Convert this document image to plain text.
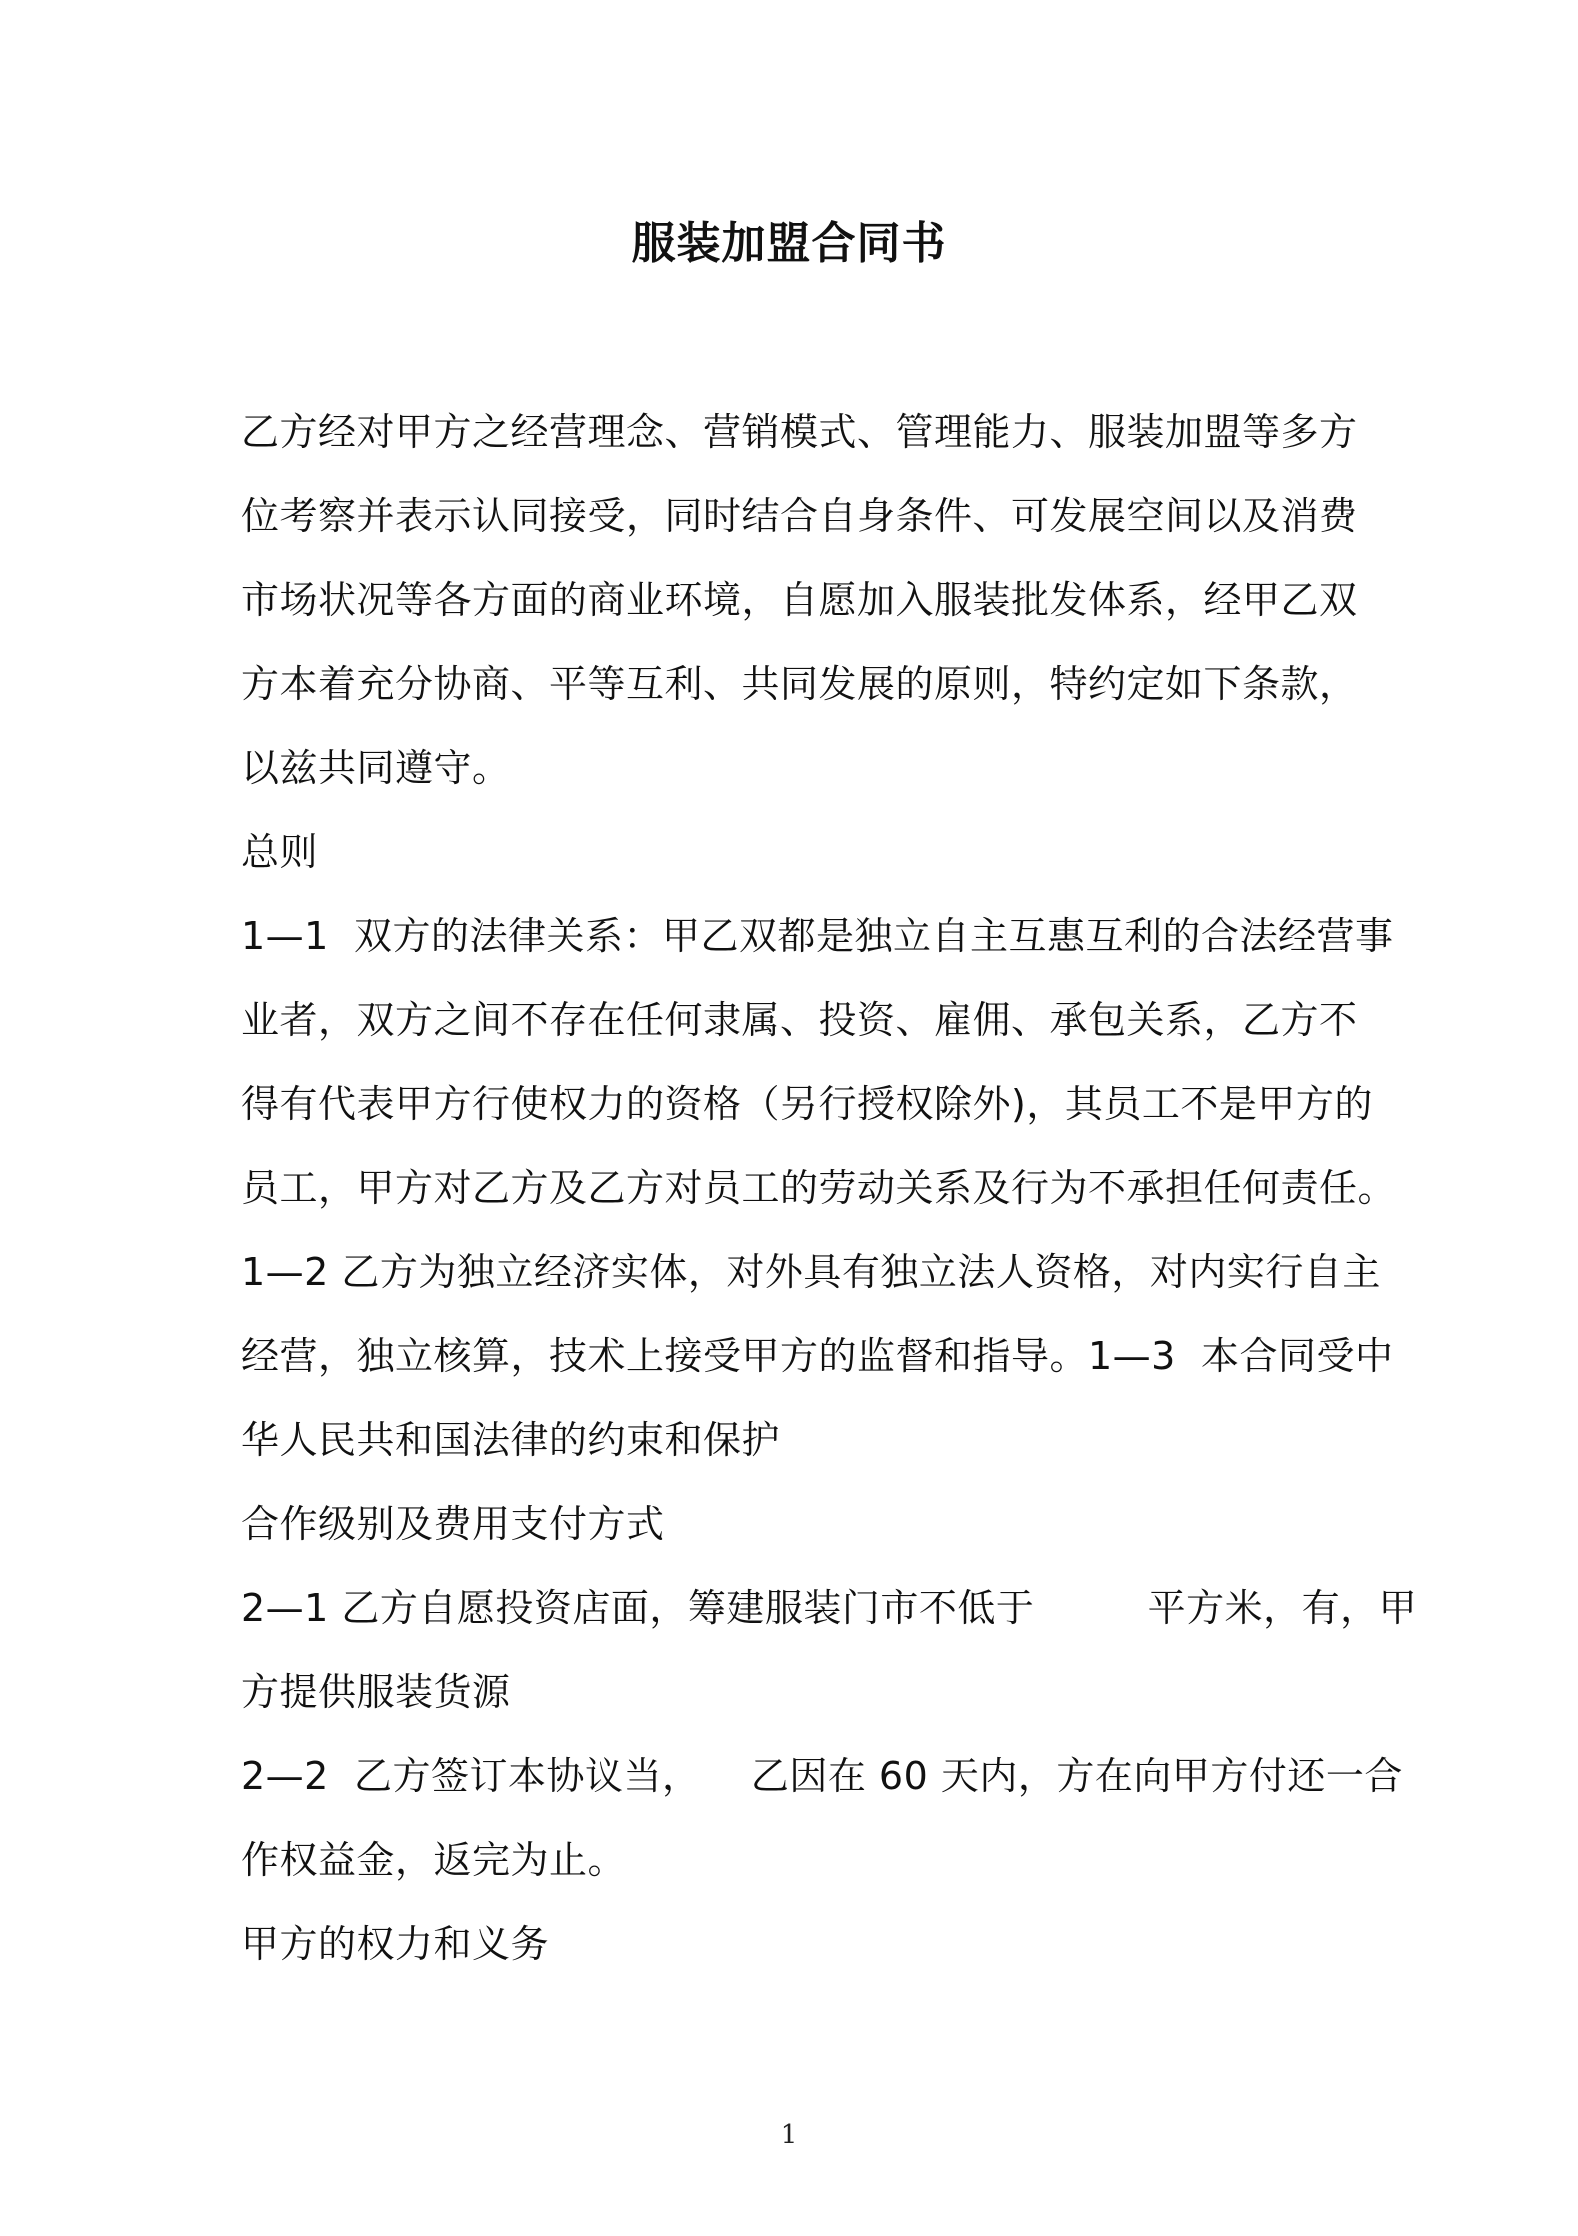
服装加盟合同书
乙方经对甲方之经营理念、营销模式、管理能力、服装加盟等多方
位考察并表示认同接受，同时结合自身条件、可发展空间以及消费
市场状况等各方面的商业环境，自愿加入服装批发体系，经甲乙双
方本着充分协商、平等互利、共同发展的原则，特约定如下条款，
以兹共同遵守。
总则
1—1  双方的法律关系：甲乙双都是独立自主互惠互利的合法经营事
业者，双方之间不存在任何隶属、投资、雇佣、承包关系，乙方不
得有代表甲方行使权力的资格（另行授权除外)，其员工不是甲方的
员工，甲方对乙方及乙方对员工的劳动关系及行为不承担任何责任。
1—2 乙方为独立经济实体，对外具有独立法人资格，对内实行自主
经营，独立核算，技术上接受甲方的监督和指导。1—3  本合同受中
华人民共和国法律的约束和保护
合作级别及费用支付方式
2—1 乙方自愿投资店面，筹建服装门市不低于         平方米，有，甲
方提供服装货源
2—2  乙方签订本协议当，    乙因在 60 天内，方在向甲方付还一合
作权益金，返完为止。
甲方的权力和义务
1
